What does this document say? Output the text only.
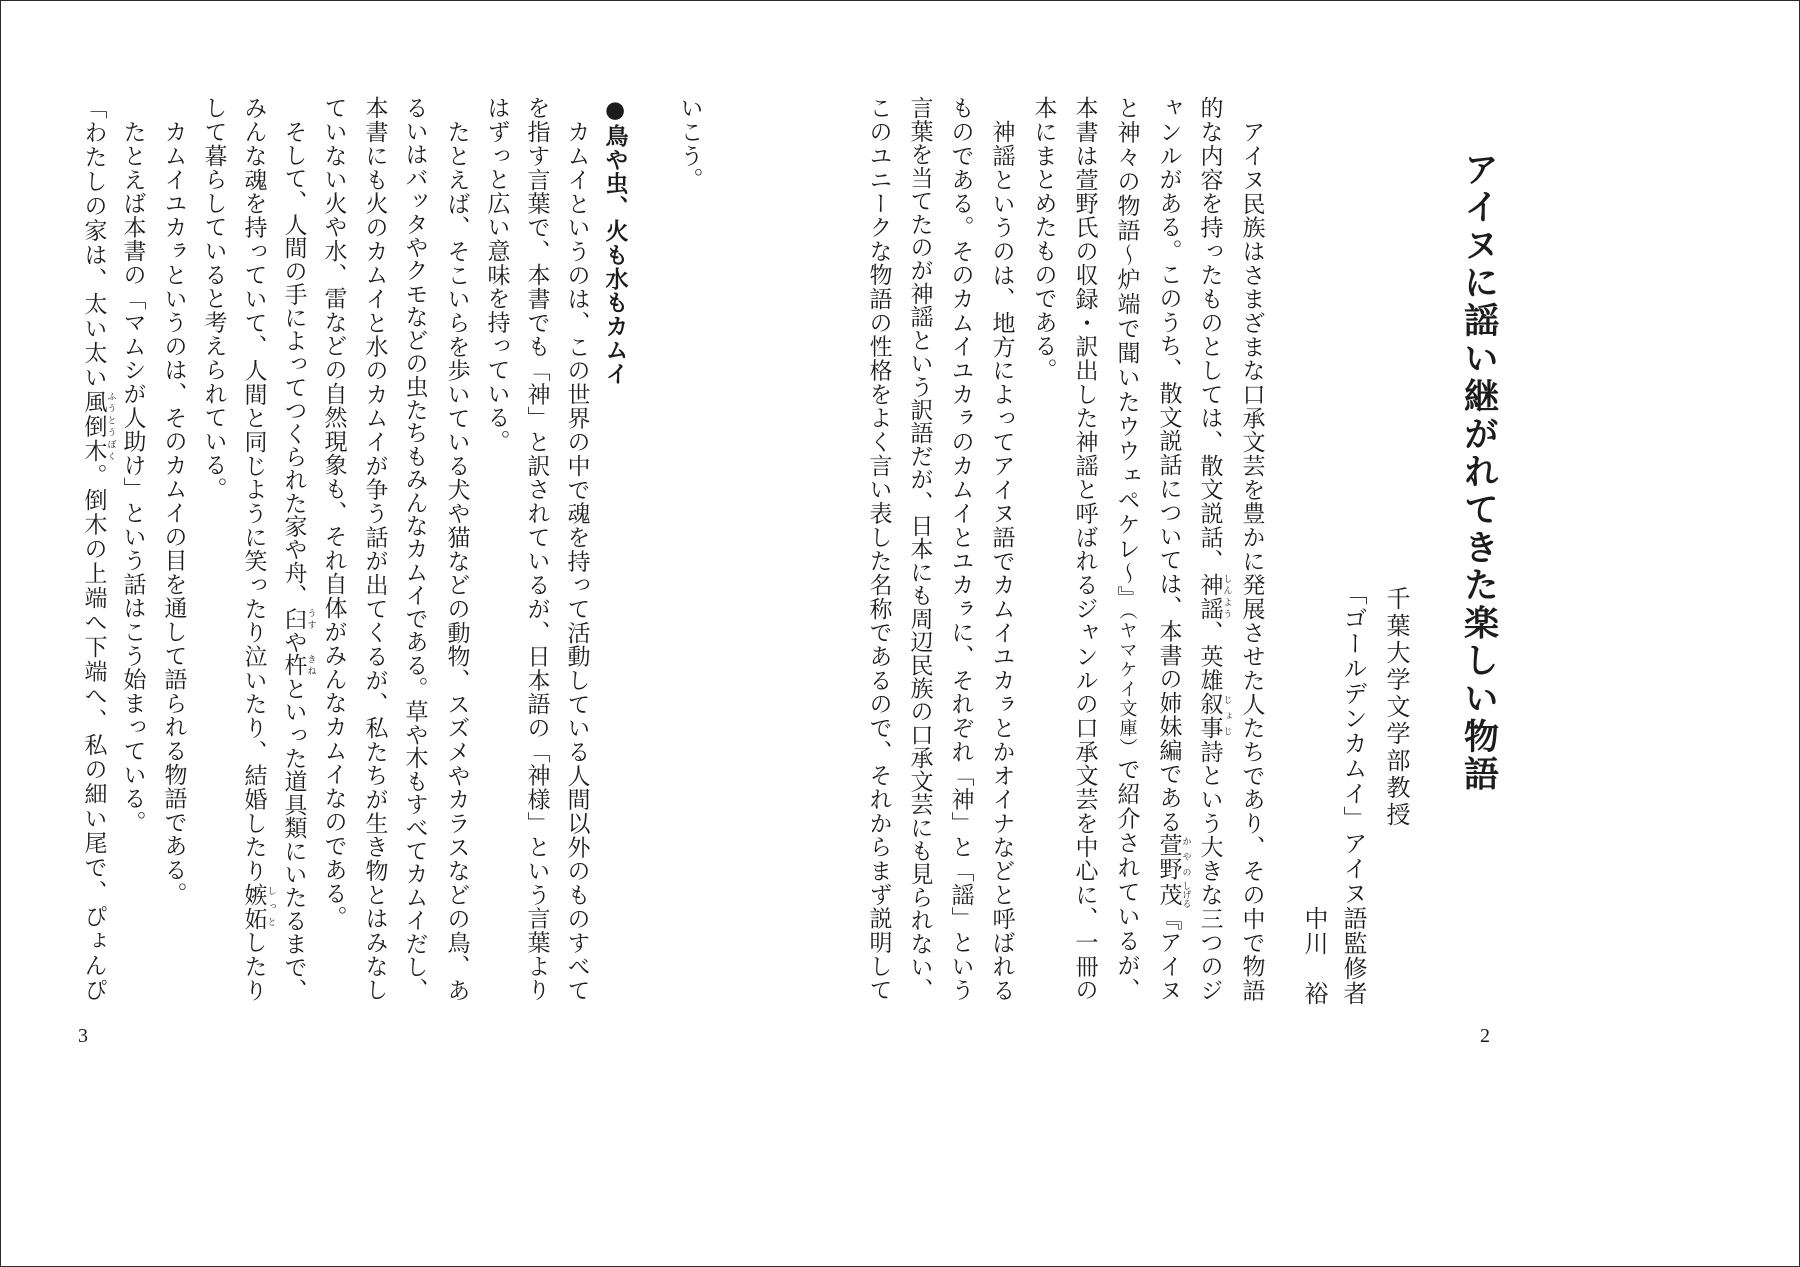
いこう。
●鳥や虫、火も水もカムイ
カムイというのは、この世界の中で魂を持って活動している人間以外のものすべて
を指す言葉で、本書でも「神」と訳されているが、日本語の「神様」という言葉より
はずっと広い意味を持っている。
たとえば、そこいらを歩いている犬や猫などの動物、スズメやカラスなどの鳥、あ
るいはバッタやクモなどの虫たちもみんなカムイである。草や木もすべてカムイだし、
本書にも火のカムイと水のカムイが争う話が出てくるが、私たちが生き物とはみなし
ていない火や水、雷などの自然現象も、それ自体がみんなカムイなのである。
そして、人間の手によってつくられた家や舟、臼 うすや杵 きねといった道具類にいたるまで、
みんな魂を持っていて、人間と同じように笑ったり泣いたり、結婚したり嫉妬 しっとしたり
して暮らしていると考えられている。
カムイユカㇻというのは、そのカムイの目を通して語られる物語である。
たとえば本書の「マムシが人助け」という話はこう始まっている。
「わたしの家は、太い太い風倒木 ふうとうぼく。倒木の上端へ下端へ、私の細い尾で、ぴょんぴ
3
アイヌに謡い継がれてきた楽しい物語
千葉大学文学部教授
「ゴールデンカムイ」アイヌ語監修者
中川　裕
アイヌ民族はさまざまな口承文芸を豊かに発展させた人たちであり、その中で物語
的な内容を持ったものとしては、散文説話、神謡 しんよう、英雄叙事 じょじ詩という大きな三つのジ
ャンルがある。このうち、散文説話については、本書の姉妹編である萱野 かやの茂 しげる『アイヌ
と神々の物語〜炉端で聞いたウウェペケレ〜』（ヤマケイ文庫）で紹介されているが、
本書は萱野氏の収録・訳出した神謡と呼ばれるジャンルの口承文芸を中心に、一冊の
本にまとめたものである。
神謡というのは、地方によってアイヌ語でカムイユカㇻとかオイナなどと呼ばれる
ものである。そのカムイユカㇻのカムイとユカㇻに、それぞれ「神」と「謡」という
言葉を当てたのが神謡という訳語だが、日本にも周辺民族の口承文芸にも見られない、
このユニークな物語の性格をよく言い表した名称であるので、それからまず説明して
2
